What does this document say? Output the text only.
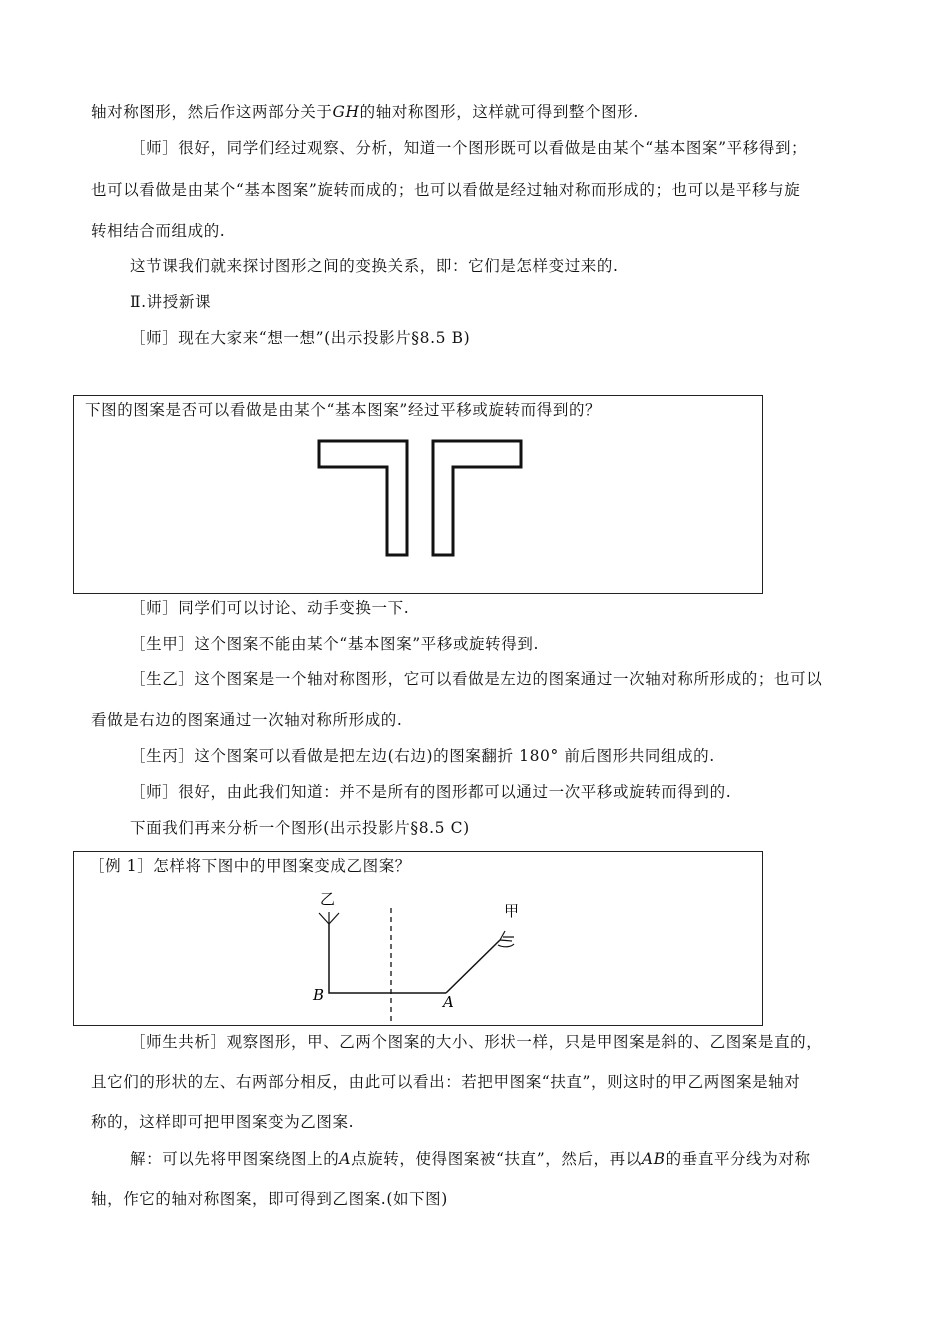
轴对称图形，然后作这两部分关于GH的轴对称图形，这样就可得到整个图形.
［师］很好，同学们经过观察、分析，知道一个图形既可以看做是由某个“基本图案”平移得到；
也可以看做是由某个“基本图案”旋转而成的；也可以看做是经过轴对称而形成的；也可以是平移与旋
转相结合而组成的.
这节课我们就来探讨图形之间的变换关系，即：它们是怎样变过来的.
Ⅱ.讲授新课
［师］现在大家来“想一想”(出示投影片§8.5 B)
下图的图案是否可以看做是由某个“基本图案”经过平移或旋转而得到的？
［师］同学们可以讨论、动手变换一下.
［生甲］这个图案不能由某个“基本图案”平移或旋转得到.
［生乙］这个图案是一个轴对称图形，它可以看做是左边的图案通过一次轴对称所形成的；也可以
看做是右边的图案通过一次轴对称所形成的.
［生丙］这个图案可以看做是把左边(右边)的图案翻折 180° 前后图形共同组成的.
［师］很好，由此我们知道：并不是所有的图形都可以通过一次平移或旋转而得到的.
下面我们再来分析一个图形(出示投影片§8.5 C)
［例 1］怎样将下图中的甲图案变成乙图案？
乙
甲
B	A
［师生共析］观察图形，甲、乙两个图案的大小、形状一样，只是甲图案是斜的、乙图案是直的，
且它们的形状的左、右两部分相反，由此可以看出：若把甲图案“扶直”，则这时的甲乙两图案是轴对
称的，这样即可把甲图案变为乙图案.
解：可以先将甲图案绕图上的A点旋转，使得图案被“扶直”，然后，再以AB的垂直平分线为对称
轴，作它的轴对称图案，即可得到乙图案.(如下图)
